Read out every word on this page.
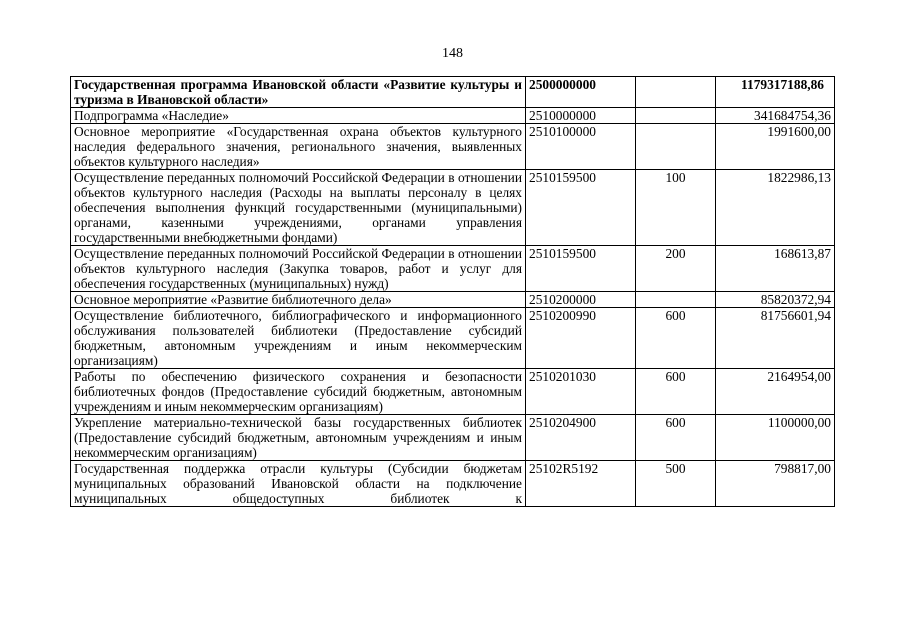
148
Государственная программа Ивановской области «Развитие культуры и туризма в Ивановской области»	2500000000		1179317188,86
Подпрограмма «Наследие»	2510000000		341684754,36
Основное мероприятие «Государственная охрана объектов культурного наследия федерального значения, регионального значения, выявленных объектов культурного наследия»	2510100000		1991600,00
Осуществление переданных полномочий Российской Федерации в отношении объектов культурного наследия (Расходы на выплаты персоналу в целях обеспечения выполнения функций государственными (муниципальными) органами, казенными учреждениями, органами управления государственными внебюджетными фондами)	2510159500	100	1822986,13
Осуществление переданных полномочий Российской Федерации в отношении объектов культурного наследия (Закупка товаров, работ и услуг для обеспечения государственных (муниципальных) нужд)	2510159500	200	168613,87
Основное мероприятие «Развитие библиотечного дела»	2510200000		85820372,94
Осуществление библиотечного, библиографического и информационного обслуживания пользователей библиотеки (Предоставление субсидий бюджетным, автономным учреждениям и иным некоммерческим организациям)	2510200990	600	81756601,94
Работы по обеспечению физического сохранения и безопасности библиотечных фондов (Предоставление субсидий бюджетным, автономным учреждениям и иным некоммерческим организациям)	2510201030	600	2164954,00
Укрепление материально-технической базы государственных библиотек (Предоставление субсидий бюджетным, автономным учреждениям и иным некоммерческим организациям)	2510204900	600	1100000,00
Государственная поддержка отрасли культуры (Субсидии бюджетам муниципальных образований Ивановской области на подключение муниципальных общедоступных библиотек к	25102R5192	500	798817,00
